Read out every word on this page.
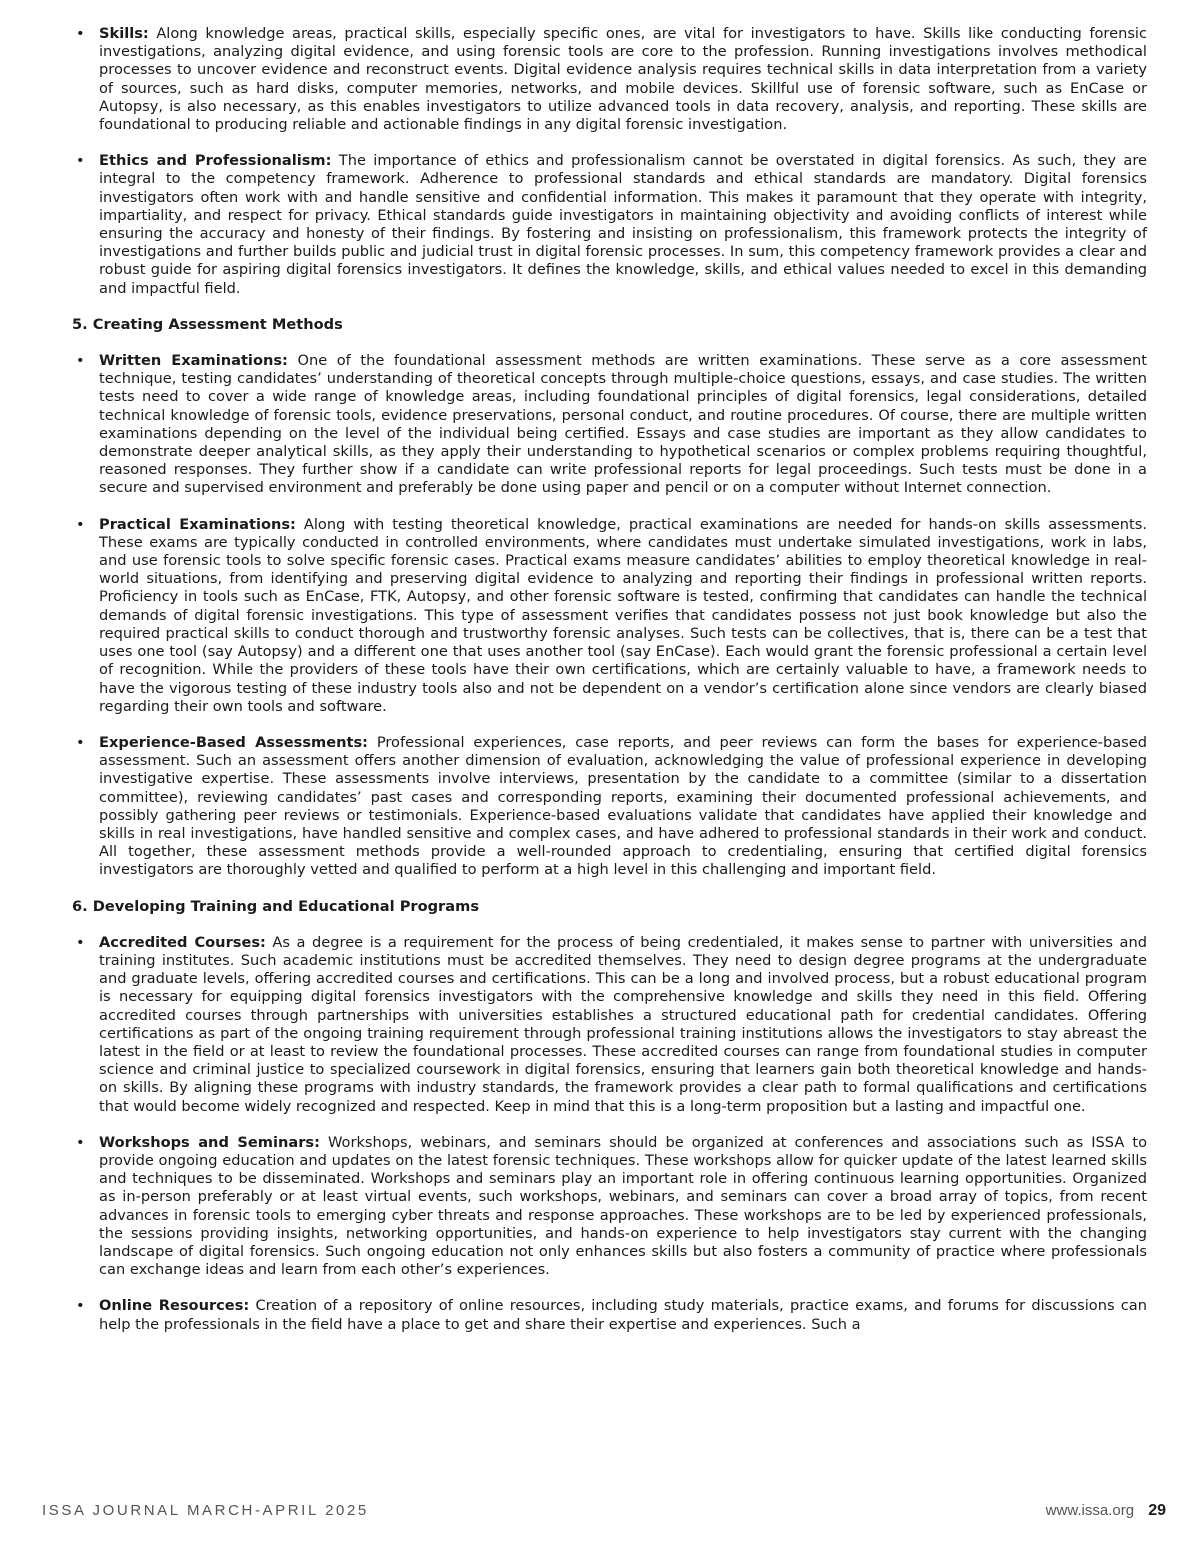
• Skills: Along knowledge areas, practical skills, especially specific ones, are vital for investigators to have. Skills like conducting forensic investigations, analyzing digital evidence, and using forensic tools are core to the profession. Running investigations involves methodical processes to uncover evidence and reconstruct events. Digital evidence analysis requires technical skills in data interpretation from a variety of sources, such as hard disks, computer memories, networks, and mobile devices. Skillful use of forensic software, such as EnCase or Autopsy, is also necessary, as this enables investigators to utilize advanced tools in data recovery, analysis, and reporting. These skills are foundational to producing reliable and actionable findings in any digital forensic investigation.
• Ethics and Professionalism: The importance of ethics and professionalism cannot be overstated in digital forensics. As such, they are integral to the competency framework. Adherence to professional standards and ethical standards are mandatory. Digital forensics investigators often work with and handle sensitive and confidential information. This makes it paramount that they operate with integrity, impartiality, and respect for privacy. Ethical standards guide investigators in maintaining objectivity and avoiding conflicts of interest while ensuring the accuracy and honesty of their findings. By fostering and insisting on professionalism, this framework protects the integrity of investigations and further builds public and judicial trust in digital forensic processes. In sum, this competency framework provides a clear and robust guide for aspiring digital forensics investigators. It defines the knowledge, skills, and ethical values needed to excel in this demanding and impactful field.
5. Creating Assessment Methods
• Written Examinations: One of the foundational assessment methods are written examinations. These serve as a core assessment technique, testing candidates’ understanding of theoretical concepts through multiple-choice questions, essays, and case studies. The written tests need to cover a wide range of knowledge areas, including foundational principles of digital forensics, legal considerations, detailed technical knowledge of forensic tools, evidence preservations, personal conduct, and routine procedures. Of course, there are multiple written examinations depending on the level of the individual being certified. Essays and case studies are important as they allow candidates to demonstrate deeper analytical skills, as they apply their understanding to hypothetical scenarios or complex problems requiring thoughtful, reasoned responses. They further show if a candidate can write professional reports for legal proceedings. Such tests must be done in a secure and supervised environment and preferably be done using paper and pencil or on a computer without Internet connection.
• Practical Examinations: Along with testing theoretical knowledge, practical examinations are needed for hands-on skills assessments. These exams are typically conducted in controlled environments, where candidates must undertake simulated investigations, work in labs, and use forensic tools to solve specific forensic cases. Practical exams measure candidates’ abilities to employ theoretical knowledge in real-world situations, from identifying and preserving digital evidence to analyzing and reporting their findings in professional written reports. Proficiency in tools such as EnCase, FTK, Autopsy, and other forensic software is tested, confirming that candidates can handle the technical demands of digital forensic investigations. This type of assessment verifies that candidates possess not just book knowledge but also the required practical skills to conduct thorough and trustworthy forensic analyses. Such tests can be collectives, that is, there can be a test that uses one tool (say Autopsy) and a different one that uses another tool (say EnCase). Each would grant the forensic professional a certain level of recognition. While the providers of these tools have their own certifications, which are certainly valuable to have, a framework needs to have the vigorous testing of these industry tools also and not be dependent on a vendor’s certification alone since vendors are clearly biased regarding their own tools and software.
• Experience-Based Assessments: Professional experiences, case reports, and peer reviews can form the bases for experience-based assessment. Such an assessment offers another dimension of evaluation, acknowledging the value of professional experience in developing investigative expertise. These assessments involve interviews, presentation by the candidate to a committee (similar to a dissertation committee), reviewing candidates’ past cases and corresponding reports, examining their documented professional achievements, and possibly gathering peer reviews or testimonials. Experience-based evaluations validate that candidates have applied their knowledge and skills in real investigations, have handled sensitive and complex cases, and have adhered to professional standards in their work and conduct. All together, these assessment methods provide a well-rounded approach to credentialing, ensuring that certified digital forensics investigators are thoroughly vetted and qualified to perform at a high level in this challenging and important field.
6. Developing Training and Educational Programs
• Accredited Courses: As a degree is a requirement for the process of being credentialed, it makes sense to partner with universities and training institutes. Such academic institutions must be accredited themselves. They need to design degree programs at the undergraduate and graduate levels, offering accredited courses and certifications. This can be a long and involved process, but a robust educational program is necessary for equipping digital forensics investigators with the comprehensive knowledge and skills they need in this field. Offering accredited courses through partnerships with universities establishes a structured educational path for credential candidates. Offering certifications as part of the ongoing training requirement through professional training institutions allows the investigators to stay abreast the latest in the field or at least to review the foundational processes. These accredited courses can range from foundational studies in computer science and criminal justice to specialized coursework in digital forensics, ensuring that learners gain both theoretical knowledge and hands-on skills. By aligning these programs with industry standards, the framework provides a clear path to formal qualifications and certifications that would become widely recognized and respected. Keep in mind that this is a long-term proposition but a lasting and impactful one.
• Workshops and Seminars: Workshops, webinars, and seminars should be organized at conferences and associations such as ISSA to provide ongoing education and updates on the latest forensic techniques. These workshops allow for quicker update of the latest learned skills and techniques to be disseminated. Workshops and seminars play an important role in offering continuous learning opportunities. Organized as in-person preferably or at least virtual events, such workshops, webinars, and seminars can cover a broad array of topics, from recent advances in forensic tools to emerging cyber threats and response approaches. These workshops are to be led by experienced professionals, the sessions providing insights, networking opportunities, and hands-on experience to help investigators stay current with the changing landscape of digital forensics. Such ongoing education not only enhances skills but also fosters a community of practice where professionals can exchange ideas and learn from each other’s experiences.
• Online Resources: Creation of a repository of online resources, including study materials, practice exams, and forums for discussions can help the professionals in the field have a place to get and share their expertise and experiences. Such a
ISSA JOURNAL MARCH-APRIL 2025	www.issa.org 29
